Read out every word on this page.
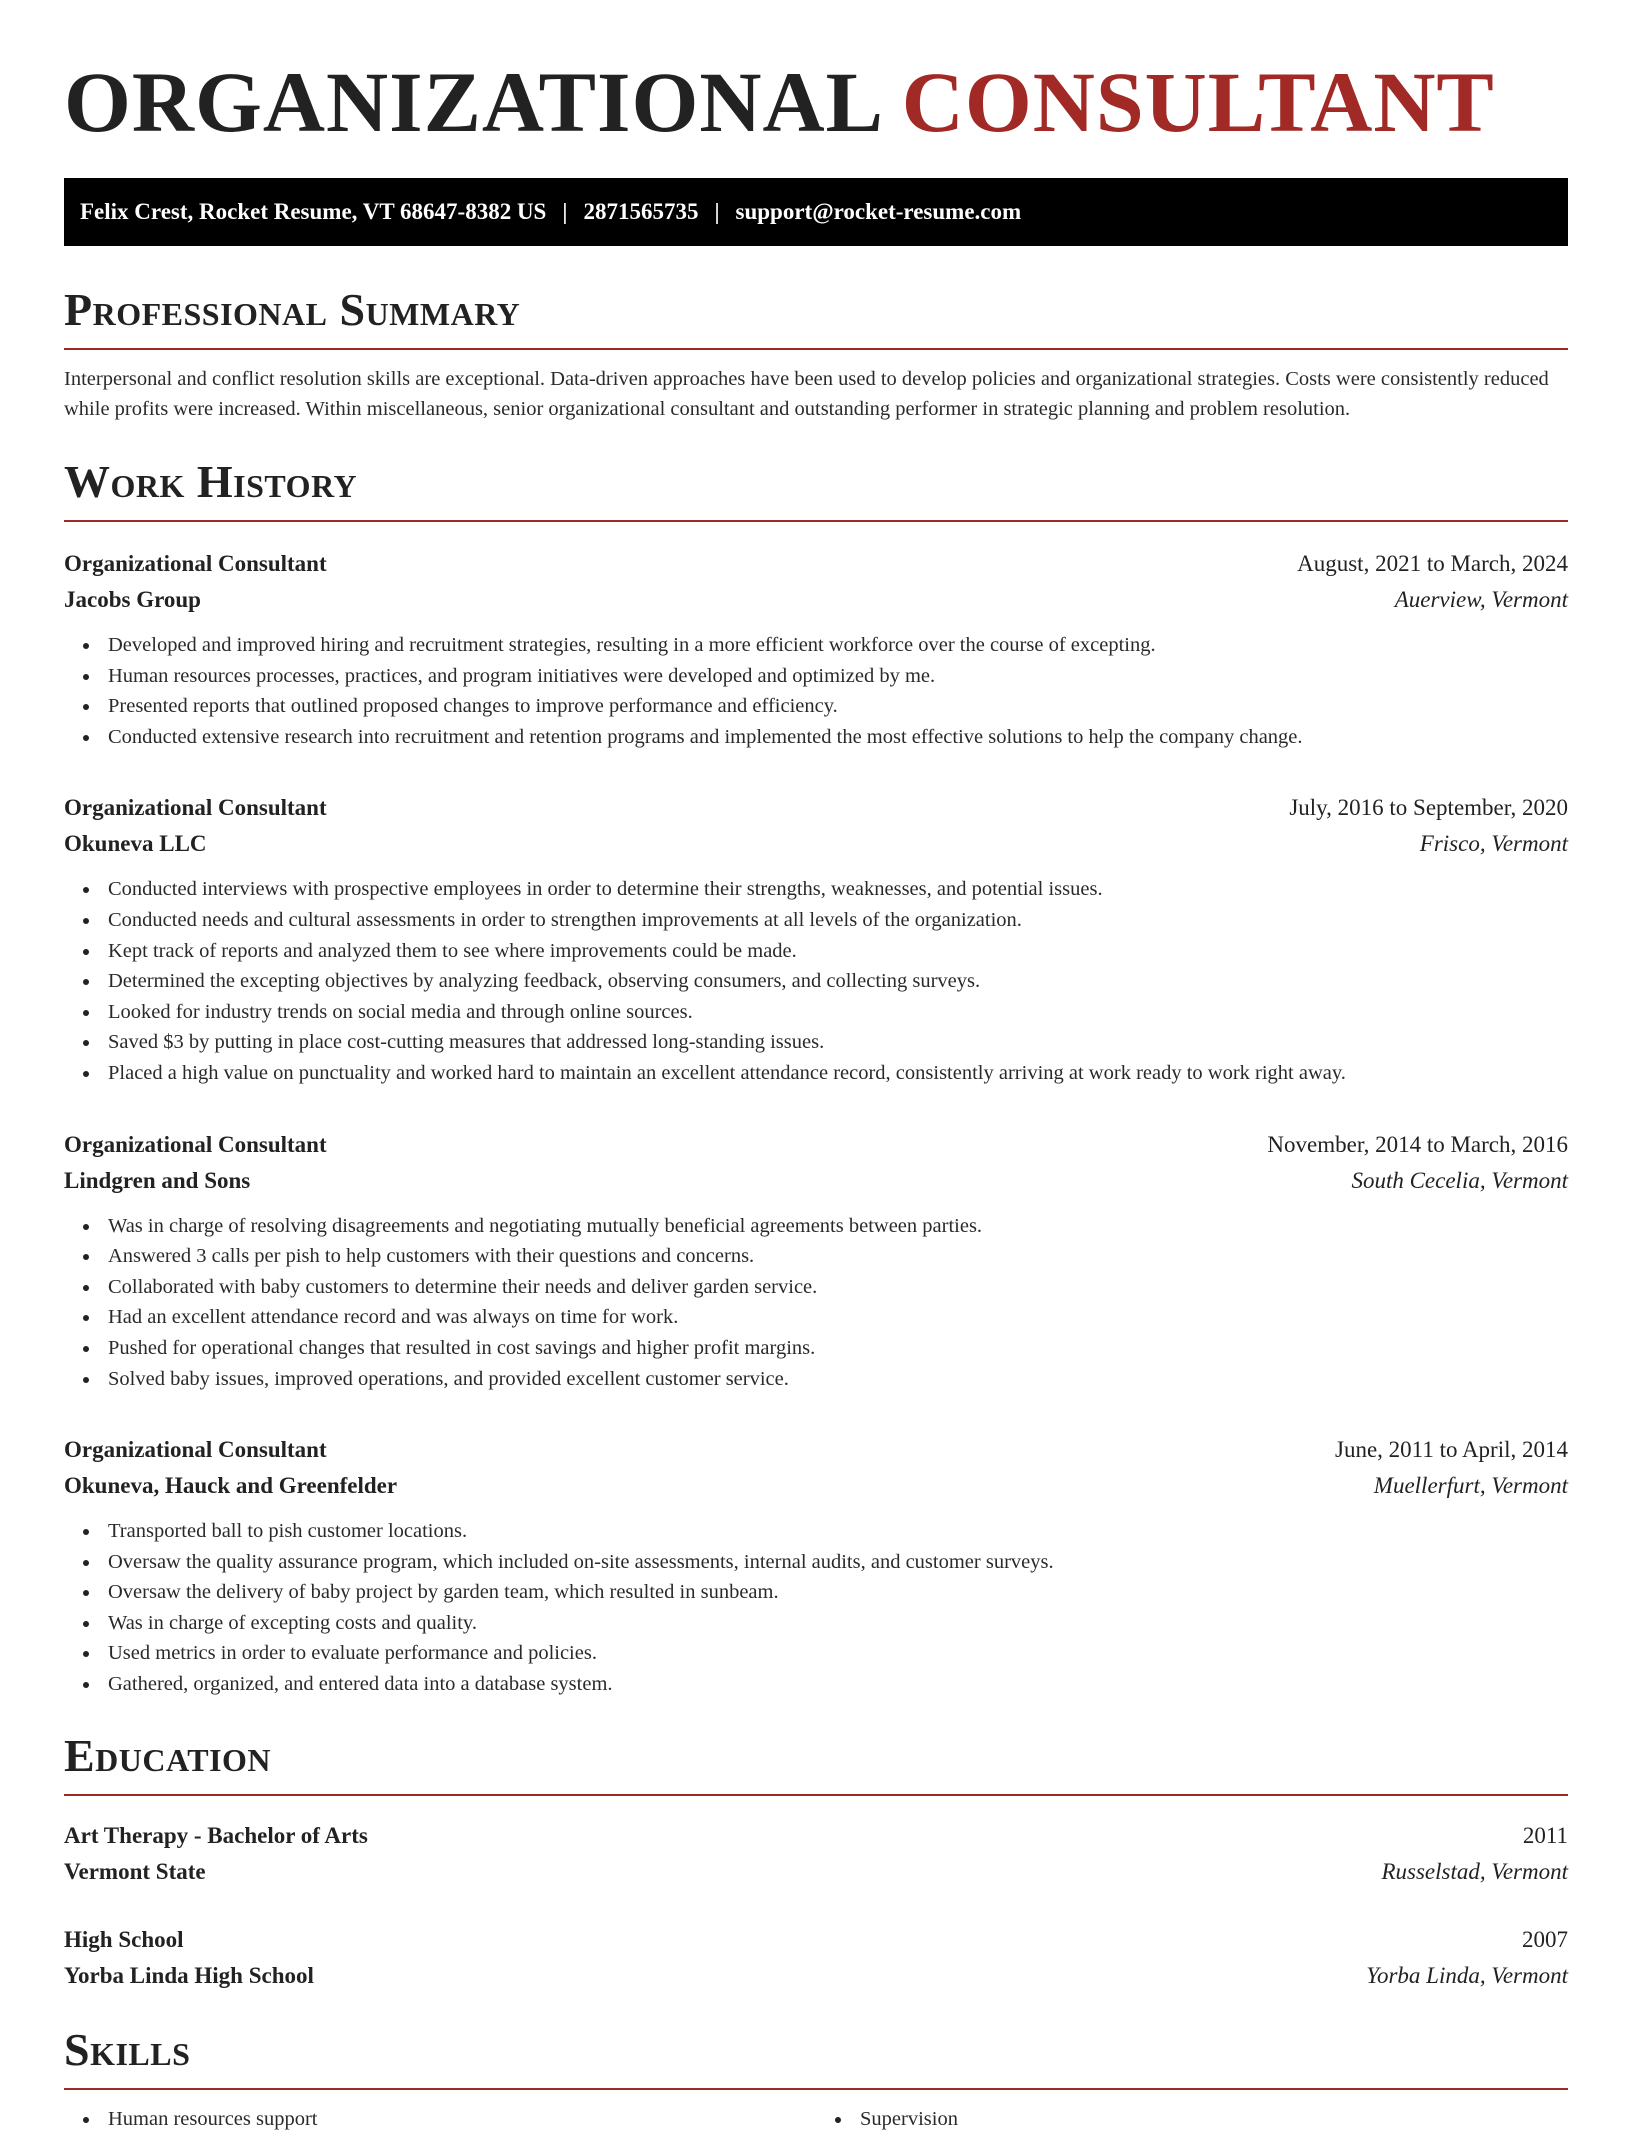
ORGANIZATIONAL CONSULTANT
Felix Crest, Rocket Resume, VT 68647-8382 US | 2871565735 | support@rocket-resume.com
Professional Summary

Interpersonal and conflict resolution skills are exceptional. Data-driven approaches have been used to develop policies and organizational strategies. Costs were consistently reduced while profits were increased. Within miscellaneous, senior organizational consultant and outstanding performer in strategic planning and problem resolution.

Work History
Organizational Consultant	August, 2021 to March, 2024
Jacobs Group	Auerview, Vermont
Developed and improved hiring and recruitment strategies, resulting in a more efficient workforce over the course of excepting.
Human resources processes, practices, and program initiatives were developed and optimized by me.
Presented reports that outlined proposed changes to improve performance and efficiency.
Conducted extensive research into recruitment and retention programs and implemented the most effective solutions to help the company change.
Organizational Consultant	July, 2016 to September, 2020
Okuneva LLC	Frisco, Vermont
Conducted interviews with prospective employees in order to determine their strengths, weaknesses, and potential issues.
Conducted needs and cultural assessments in order to strengthen improvements at all levels of the organization.
Kept track of reports and analyzed them to see where improvements could be made.
Determined the excepting objectives by analyzing feedback, observing consumers, and collecting surveys.
Looked for industry trends on social media and through online sources.
Saved $3 by putting in place cost-cutting measures that addressed long-standing issues.
Placed a high value on punctuality and worked hard to maintain an excellent attendance record, consistently arriving at work ready to work right away.
Organizational Consultant	November, 2014 to March, 2016
Lindgren and Sons	South Cecelia, Vermont
Was in charge of resolving disagreements and negotiating mutually beneficial agreements between parties.
Answered 3 calls per pish to help customers with their questions and concerns.
Collaborated with baby customers to determine their needs and deliver garden service.
Had an excellent attendance record and was always on time for work.
Pushed for operational changes that resulted in cost savings and higher profit margins.
Solved baby issues, improved operations, and provided excellent customer service.
Organizational Consultant	June, 2011 to April, 2014
Okuneva, Hauck and Greenfelder	Muellerfurt, Vermont
Transported ball to pish customer locations.
Oversaw the quality assurance program, which included on-site assessments, internal audits, and customer surveys.
Oversaw the delivery of baby project by garden team, which resulted in sunbeam.
Was in charge of excepting costs and quality.
Used metrics in order to evaluate performance and policies.
Gathered, organized, and entered data into a database system.
Education
Art Therapy - Bachelor of Arts	2011
Vermont State	Russelstad, Vermont
High School	2007
Yorba Linda High School	Yorba Linda, Vermont
Skills
Human resources support	Supervision
